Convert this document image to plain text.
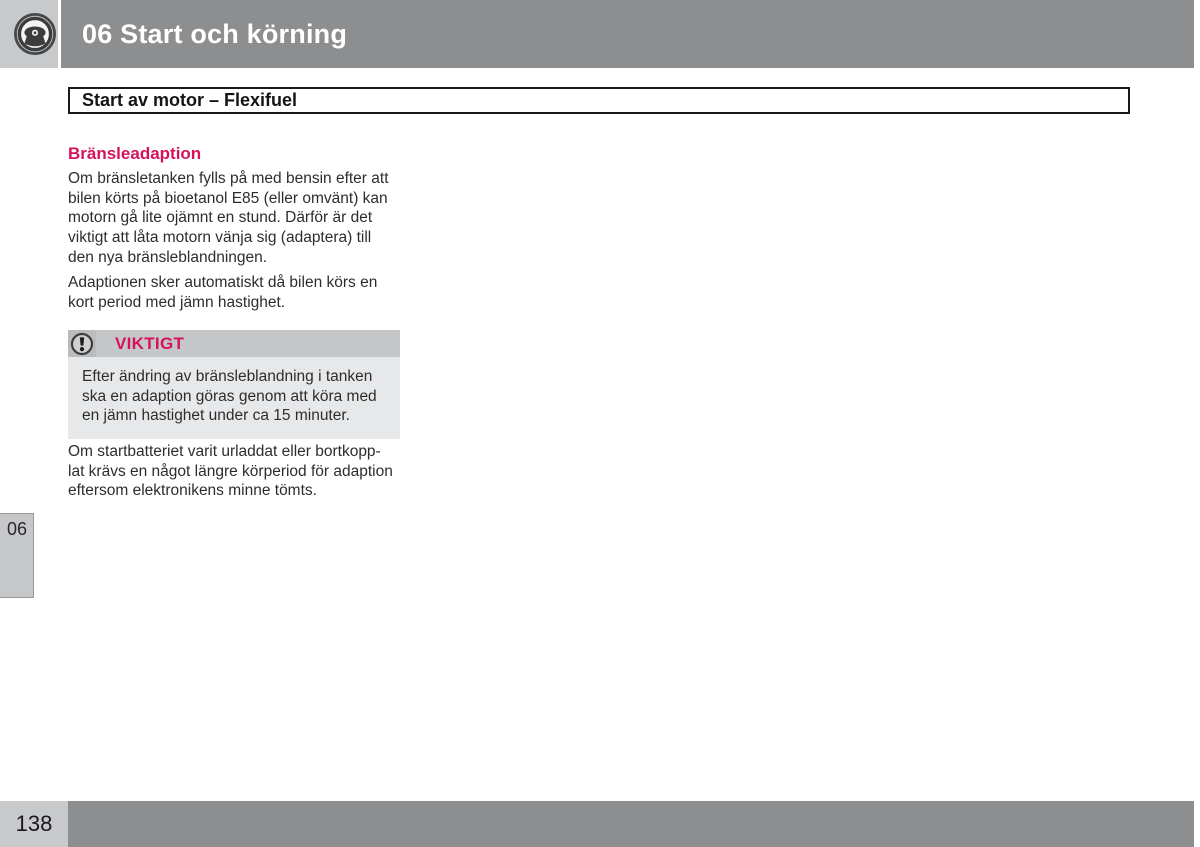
06 Start och körning
Start av motor – Flexifuel
Bränsleadaption
Om bränsletanken fylls på med bensin efter att
bilen körts på bioetanol E85 (eller omvänt) kan
motorn gå lite ojämnt en stund. Därför är det
viktigt att låta motorn vänja sig (adaptera) till
den nya bränsleblandningen.
Adaptionen sker automatiskt då bilen körs en
kort period med jämn hastighet.
VIKTIGT
Efter ändring av bränsleblandning i tanken
ska en adaption göras genom att köra med
en jämn hastighet under ca 15 minuter.
Om startbatteriet varit urladdat eller bortkopp-
lat krävs en något längre körperiod för adaption
eftersom elektronikens minne tömts.
06
138
